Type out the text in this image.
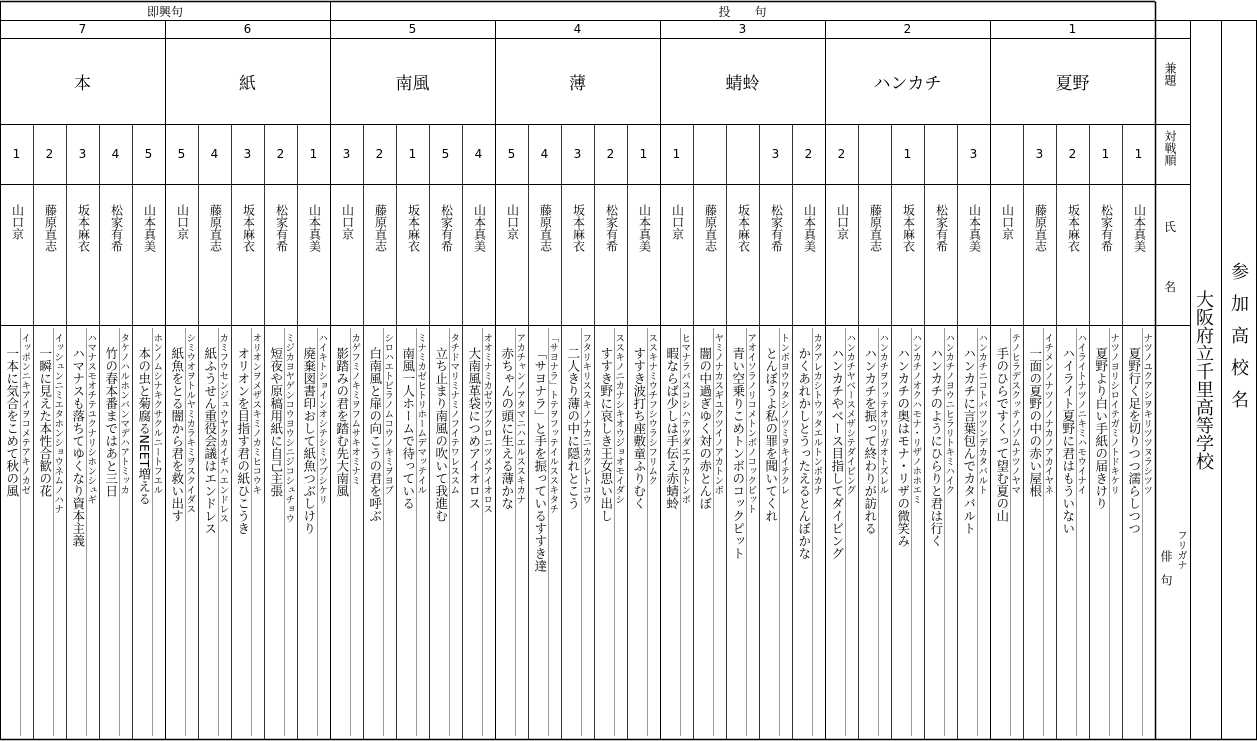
即興句	投　　句
1
夏野
1
山本真美
ナツノユクアシヲキリツツヌラシツツ
夏野行く足を切りつつ濡らしつつ
1
松家有希
ナツノヨリシロイテガミノトドキケリ
夏野より白い手紙の届きけり
2
坂本麻衣
ハイライトナツノニキミハモウイナイ
ハイライト夏野に君はもういない
3
藤原直志
イチメンノナツノノナカノアカイヤネ
一面の夏野の中の赤い屋根
山口京
テノヒラデスクッテノゾムナツノヤマ
手のひらですくって望む夏の山
2
ハンカチ
3
山本真美
ハンカチニコトバツツンデカタバルト
ハンカチに言葉包んでカタバルト
松家有希
ハンカチノヨウニヒラリトキミハイク
ハンカチのようにひらりと君は行く
1
坂本麻衣
ハンカチノオクハモナ・リザノホホエミ
ハンカチの奥はモナ・リザの微笑み
藤原直志
ハンカチヲフッテオワリガオトズレル
ハンカチを振って終わりが訪れる
2
山口京
ハンカチヤベースメザシテダイビング
ハンカチやベース目指してダイビング
3
蜻蛉
2
山本真美
カクアレカシトウッタエルトンボカナ
かくあれかしとうったえるとんぼかな
3
松家有希
トンボヨウワタシノツミヲキイテクレ
とんぼうよ私の罪を聞いてくれ
坂本麻衣
アオイソラノリコメトンボノコックピット
青い空乗りこめトンボのコックピット
藤原直志
ヤミノナカスギユクツイノアカトンボ
闇の中過ぎゆく対の赤とんぼ
1
山口京
ヒマナラバスコシハテツダエアカトンボ
暇ならば少しは手伝え赤蜻蛉
4
薄
1
山本真美
ススキナミウチフシウラシフリムク
すすき波打ち座敷童ふりむく
2
松家有希
ススキノニカナシキオウジョオモイダシ
すすき野に哀しき王女思い出し
3
坂本麻衣
フタリキリススキノナカニカクレトコウ
二人きり薄の中に隠れとこう
4
藤原直志
「サヨナラ」トテヲフッテイルススキタチ
「サヨナラ」と手を振っているすすき達
5
山口京
アカチャンノアタマニハエルススキカナ
赤ちゃんの頭に生える薄かな
5
南風
4
山本真美
オオミナミカゼウブクロニツメアイオロス
大南風革袋につめアイオロス
5
松家有希
タチドマリミナミノフイテワレススム
立ち止まり南風の吹いて我進む
1
坂本麻衣
ミナミカゼヒトリホームデマッテイル
南風一人ホームで待っている
2
藤原直志
シロハエトビラノムコウノキミヲヨブ
白南風と扉の向こうの君を呼ぶ
3
山口京
カゲフミノキミヲフムサキオミナミ
影踏みの君を踏む先大南風
6
紙
1
山本真美
ハイキトショインオシテシミツブシケリ
廃棄図書印おして紙魚つぶしけり
2
松家有希
ミジカヨヤゲンコウヨウシニジコシュチョウ
短夜や原稿用紙に自己主張
3
坂本麻衣
オリオンヲメザスキミノカミヒコウキ
オリオンを目指す君の紙ひこうき
4
藤原直志
カミフウセンジュウヤクカイギハエンドレス
紙ふうせん重役会議はエンドレス
5
山口京
シミウオヲトルヤミカラキミヲスクイダス
紙魚をとる闇から君を救い出す
7
本
5
山本真美
ホンノムシナキクサクルニートフエル
本の虫と菊腐るNEET増える
4
松家有希
タケノハルホンバンマデハアトミッカ
竹の春本番まではあと三日
3
坂本麻衣
ハマナスモオチテユクナリシホンシュギ
ハマナスも落ちてゆくなり資本主義
2
藤原直志
イッシュンニミエタホンショウネムノハナ
一瞬に見えた本性合歓の花
1
山口京
イッポンニキアイヲコメテアキノカゼ
一本に気合をこめて秋の風
兼題
対戦順
氏
名
フリガナ
俳　句
大阪府立千里高等学校 参加高校名
